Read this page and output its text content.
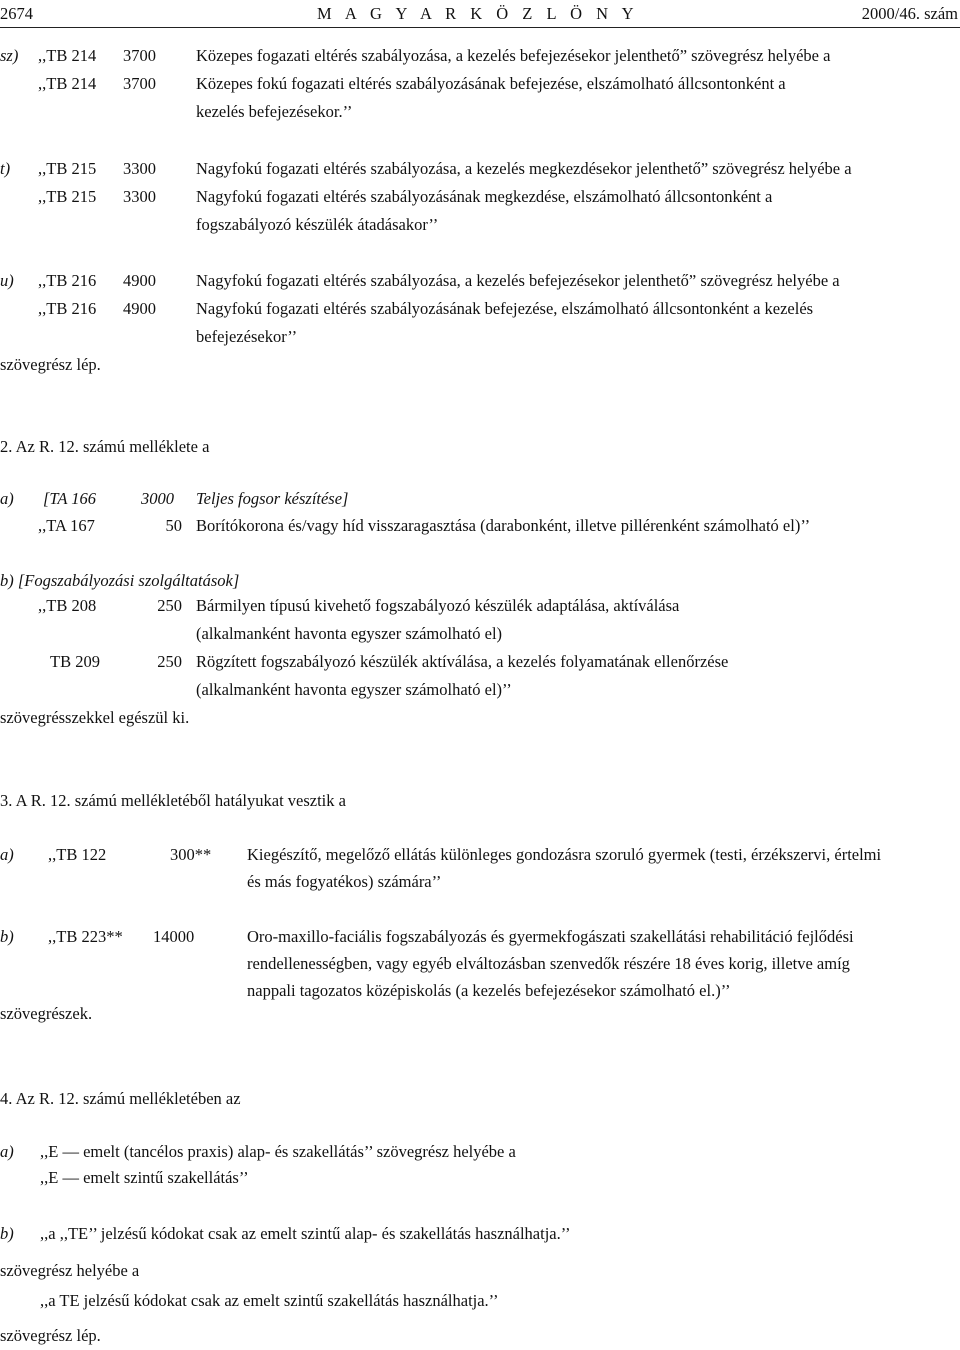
2674	M A G Y A R K Ö Z L Ö N Y	2000/46. szám
sz) ,,TB 214 3700 Közepes fogazati eltérés szabályozása, a kezelés befejezésekor jelenthető” szövegrész helyébe a
,,TB 214 3700 Közepes fokú fogazati eltérés szabályozásának befejezése, elszámolható állcsontonként a
kezelés befejezésekor.’’
t) ,,TB 215 3300 Nagyfokú fogazati eltérés szabályozása, a kezelés megkezdésekor jelenthető” szövegrész helyébe a
,,TB 215 3300 Nagyfokú fogazati eltérés szabályozásának megkezdése, elszámolható állcsontonként a
fogszabályozó készülék átadásakor’’
u) ,,TB 216 4900 Nagyfokú fogazati eltérés szabályozása, a kezelés befejezésekor jelenthető” szövegrész helyébe a
,,TB 216 4900 Nagyfokú fogazati eltérés szabályozásának befejezése, elszámolható állcsontonként a kezelés
befejezésekor’’
szövegrész lép.
2. Az R. 12. számú melléklete a
a) [TA 166	3000 Teljes fogsor készítése]
,,TA 167	50 Borítókorona és/vagy híd visszaragasztása (darabonként, illetve pillérenként számolható el)’’
b) [Fogszabályozási szolgáltatások]
,,TB 208	250 Bármilyen típusú kivehető fogszabályozó készülék adaptálása, aktíválása
(alkalmanként havonta egyszer számolható el)
TB 209	250 Rögzített fogszabályozó készülék aktíválása, a kezelés folyamatának ellenőrzése
(alkalmanként havonta egyszer számolható el)’’
szövegrésszekkel egészül ki.
3. A R. 12. számú mellékletéből hatályukat vesztik a
a) ,,TB 122	300** Kiegészítő, megelőző ellátás különleges gondozásra szoruló gyermek (testi, érzékszervi, értelmi
és más fogyatékos) számára’’
b) ,,TB 223** 14000	Oro-maxillo-faciális fogszabályozás és gyermekfogászati szakellátási rehabilitáció fejlődési
rendellenességben, vagy egyéb elváltozásban szenvedők részére 18 éves korig, illetve amíg
nappali tagozatos középiskolás (a kezelés befejezésekor számolható el.)’’
szövegrészek.
4. Az R. 12. számú mellékletében az
a) ,,E — emelt (tancélos praxis) alap- és szakellátás’’ szövegrész helyébe a
,,E — emelt szintű szakellátás’’
b) ,,a ,,TE’’ jelzésű kódokat csak az emelt szintű alap- és szakellátás használhatja.’’
szövegrész helyébe a
,,a TE jelzésű kódokat csak az emelt szintű szakellátás használhatja.’’
szövegrész lép.
